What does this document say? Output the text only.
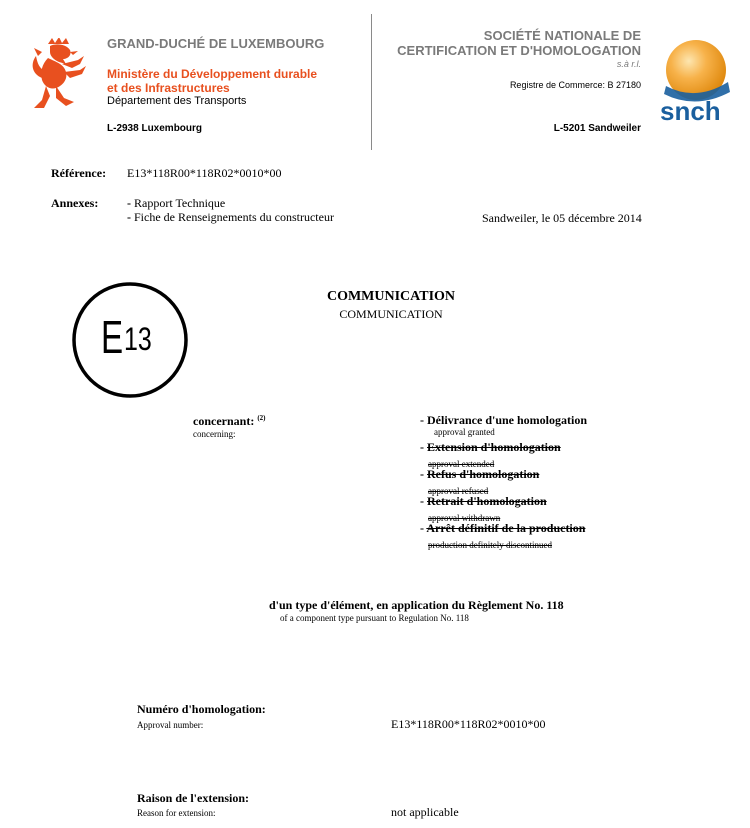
GRAND-DUCHÉ DE LUXEMBOURG
Ministère du Développement durable
et des Infrastructures
Département des Transports
L-2938 Luxembourg
SOCIÉTÉ NATIONALE DE
CERTIFICATION ET D'HOMOLOGATION
s.à r.l.
Registre de Commerce: B 27180
L-5201 Sandweiler
snch
Référence: E13*118R00*118R02*0010*00
Annexes: - Rapport Technique
- Fiche de Renseignements du constructeur	Sandweiler, le 05 décembre 2014
E 13
COMMUNICATION
COMMUNICATION
concernant: $^{(2)}$
concerning:
- Délivrance d'une homologation
approval granted
- Extension d'homologation
approval extended
- Refus d'homologation
approval refused
- Retrait d'homologation
approval withdrawn
- Arrêt définitif de la production
production definitely discontinued
d'un type d'élément, en application du Règlement No. 118
of a component type pursuant to Regulation No. 118
Numéro d'homologation:
Approval number:	E13*118R00*118R02*0010*00
Raison de l'extension:
Reason for extension:	not applicable
